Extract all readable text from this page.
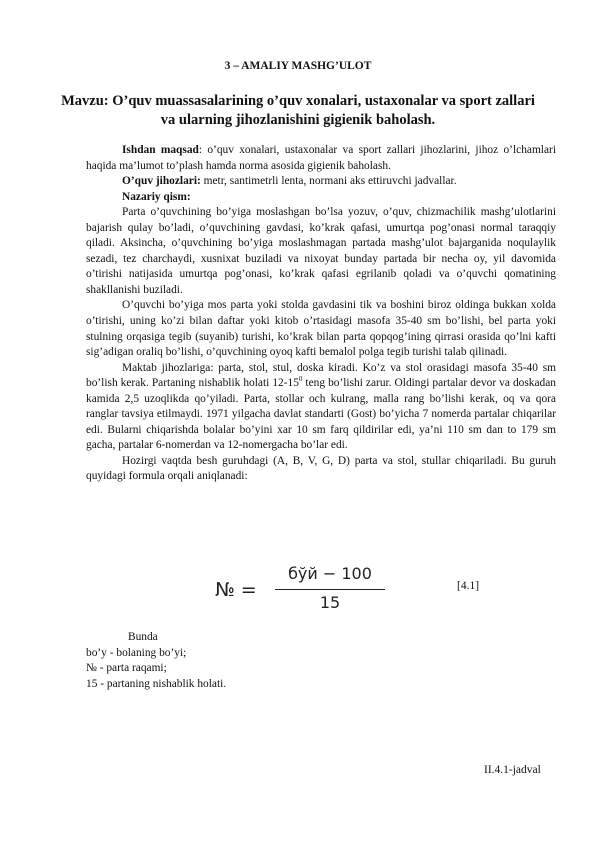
3 – AMALIY MASHG’ULOT
Mavzu: O’quv muassasalarining o’quv xonalari, ustaxonalar va sport zallari va ularning jihozlanishini gigienik baholash.

Ishdan maqsad: o’quv xonalari, ustaxonalar va sport zallari jihozlarini, jihoz o’lchamlari haqida ma’lumot to’plash hamda norma asosida gigienik baholash.

O’quv jihozlari: metr, santimetrli lenta, normani aks ettiruvchi jadvallar.

Nazariy qism:

Parta o’quvchining bo’yiga moslashgan bo’lsa yozuv, o’quv, chizmachilik mashg’ulotlarini bajarish qulay bo’ladi, o’quvchining gavdasi, ko’krak qafasi, umurtqa pog’onasi normal taraqqiy qiladi. Aksincha, o’quvchining bo’yiga moslashmagan partada mashg’ulot bajarganida noqulaylik sezadi, tez charchaydi, xusnixat buziladi va nixoyat bunday partada bir necha oy, yil davomida o’tirishi natijasida umurtqa pog’onasi, ko’krak qafasi egrilanib qoladi va o’quvchi qomatining shakllanishi buziladi.

O’quvchi bo’yiga mos parta yoki stolda gavdasini tik va boshini biroz oldinga bukkan xolda o’tirishi, uning ko’zi bilan daftar yoki kitob o’rtasidagi masofa 35-40 sm bo’lishi, bel parta yoki stulning orqasiga tegib (suyanib) turishi, ko’krak bilan parta qopqog’ining qirrasi orasida qo’lni kafti sig’adigan oraliq bo’lishi, o’quvchining oyoq kafti bemalol polga tegib turishi talab qilinadi.

Maktab jihozlariga: parta, stol, stul, doska kiradi. Ko’z va stol orasidagi masofa 35-40 sm bo’lish kerak. Partaning nishablik holati $12-15^0$ teng bo’lishi zarur. Oldingi partalar devor va doskadan kamida 2,5 uzoqlikda qo’yiladi. Parta, stollar och kulrang, malla rang bo’lishi kerak, oq va qora ranglar tavsiya etilmaydi. 1971 yilgacha davlat standarti (Gost) bo’yicha 7 nomerda partalar chiqarilar edi. Bularni chiqarishda bolalar bo’yini xar 10 sm farq qildirilar edi, ya’ni 110 sm dan to 179 sm gacha, partalar 6-nomerdan va 12-nomergacha bo’lar edi.

Hozirgi vaqtda besh guruhdagi (A, B, V, G, D) parta va stol, stullar chiqariladi. Bu guruh quyidagi formula orqali aniqlanadi:

№ =
бўй − 100
15
[4.1]
Bunda
bo’y - bolaning bo’yi;
№ - parta raqami;
15 - partaning nishablik holati.
II.4.1-jadval
